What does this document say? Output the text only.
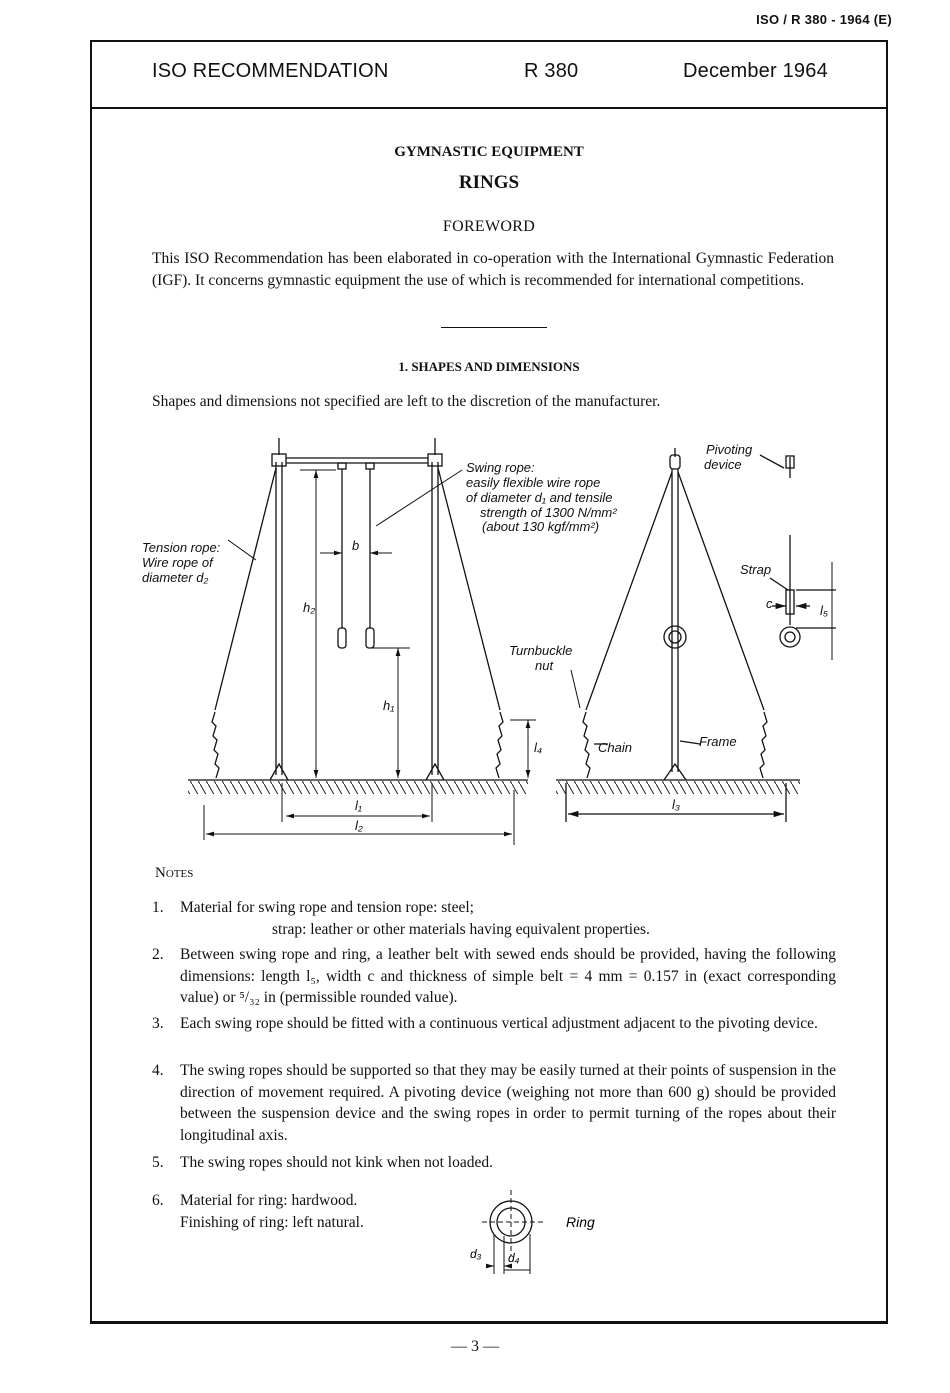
ISO / R 380 - 1964 (E)
ISO RECOMMENDATION	R 380	December 1964
GYMNASTIC EQUIPMENT
RINGS
FOREWORD
This ISO Recommendation has been elaborated in co-operation with the International Gymnastic Federation (IGF). It concerns gymnastic equipment the use of which is recommended for international competitions.
1. SHAPES AND DIMENSIONS
Shapes and dimensions not specified are left to the discretion of the manufacturer.
Swing rope:
easily flexible wire rope
of diameter d₁ and tensile
strength of 1300 N/mm²
(about 130 kgf/mm²)
Tension rope:
Wire rope of
diameter d₂
Pivoting
device
Strap
Turnbuckle
nut
Chain	Frame
b
h₂
h₁
l₁
l₂
l₃
l₄
c	l₅
Notes
1. Material for swing rope and tension rope: steel;
strap: leather or other materials having equivalent properties.
2. Between swing rope and ring, a leather belt with sewed ends should be provided, having the following dimensions: length l₅, width c and thickness of simple belt = 4 mm = 0.157 in (exact corresponding value) or ⁵/₃₂ in (permissible rounded value).
3. Each swing rope should be fitted with a continuous vertical adjustment adjacent to the pivoting device.
4. The swing ropes should be supported so that they may be easily turned at their points of suspension in the direction of movement required. A pivoting device (weighing not more than 600 g) should be provided between the suspension device and the swing ropes in order to permit turning of the ropes about their longitudinal axis.
5. The swing ropes should not kink when not loaded.
6. Material for ring: hardwood.
Finishing of ring: left natural.
d₃ d₄
Ring
— 3 —
